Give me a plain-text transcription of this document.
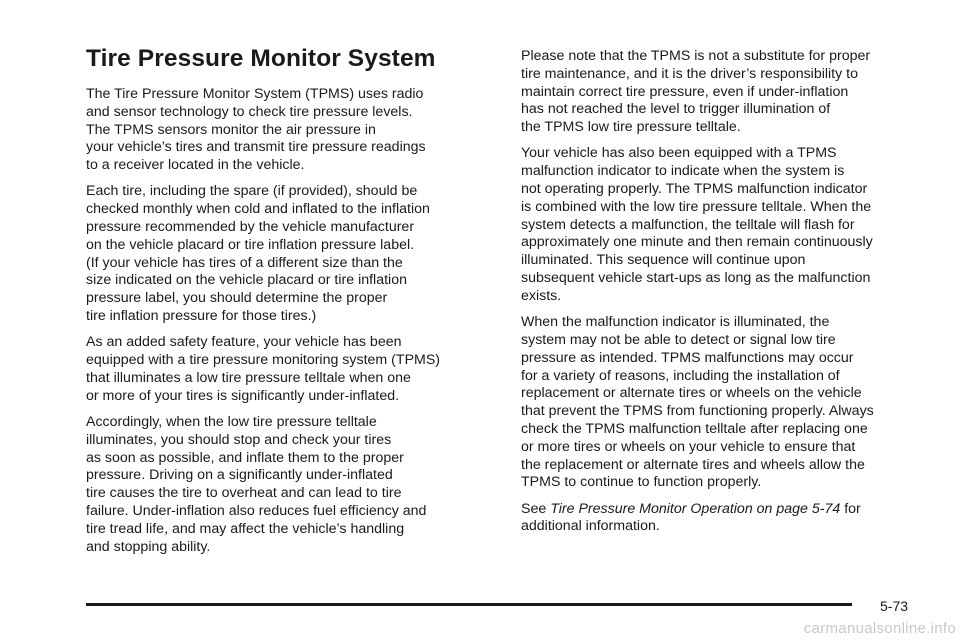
Tire Pressure Monitor System

The Tire Pressure Monitor System (TPMS) uses radio
and sensor technology to check tire pressure levels.
The TPMS sensors monitor the air pressure in
your vehicle’s tires and transmit tire pressure readings
to a receiver located in the vehicle.

Each tire, including the spare (if provided), should be
checked monthly when cold and inflated to the inflation
pressure recommended by the vehicle manufacturer
on the vehicle placard or tire inflation pressure label.
(If your vehicle has tires of a different size than the
size indicated on the vehicle placard or tire inflation
pressure label, you should determine the proper
tire inflation pressure for those tires.)

As an added safety feature, your vehicle has been
equipped with a tire pressure monitoring system (TPMS)
that illuminates a low tire pressure telltale when one
or more of your tires is significantly under-inflated.

Accordingly, when the low tire pressure telltale
illuminates, you should stop and check your tires
as soon as possible, and inflate them to the proper
pressure. Driving on a significantly under-inflated
tire causes the tire to overheat and can lead to tire
failure. Under-inflation also reduces fuel efficiency and
tire tread life, and may affect the vehicle’s handling
and stopping ability.

Please note that the TPMS is not a substitute for proper
tire maintenance, and it is the driver’s responsibility to
maintain correct tire pressure, even if under-inflation
has not reached the level to trigger illumination of
the TPMS low tire pressure telltale.

Your vehicle has also been equipped with a TPMS
malfunction indicator to indicate when the system is
not operating properly. The TPMS malfunction indicator
is combined with the low tire pressure telltale. When the
system detects a malfunction, the telltale will flash for
approximately one minute and then remain continuously
illuminated. This sequence will continue upon
subsequent vehicle start-ups as long as the malfunction
exists.

When the malfunction indicator is illuminated, the
system may not be able to detect or signal low tire
pressure as intended. TPMS malfunctions may occur
for a variety of reasons, including the installation of
replacement or alternate tires or wheels on the vehicle
that prevent the TPMS from functioning properly. Always
check the TPMS malfunction telltale after replacing one
or more tires or wheels on your vehicle to ensure that
the replacement or alternate tires and wheels allow the
TPMS to continue to function properly.

See Tire Pressure Monitor Operation on page 5-74 for
additional information.

5-73
carmanualsonline.info
